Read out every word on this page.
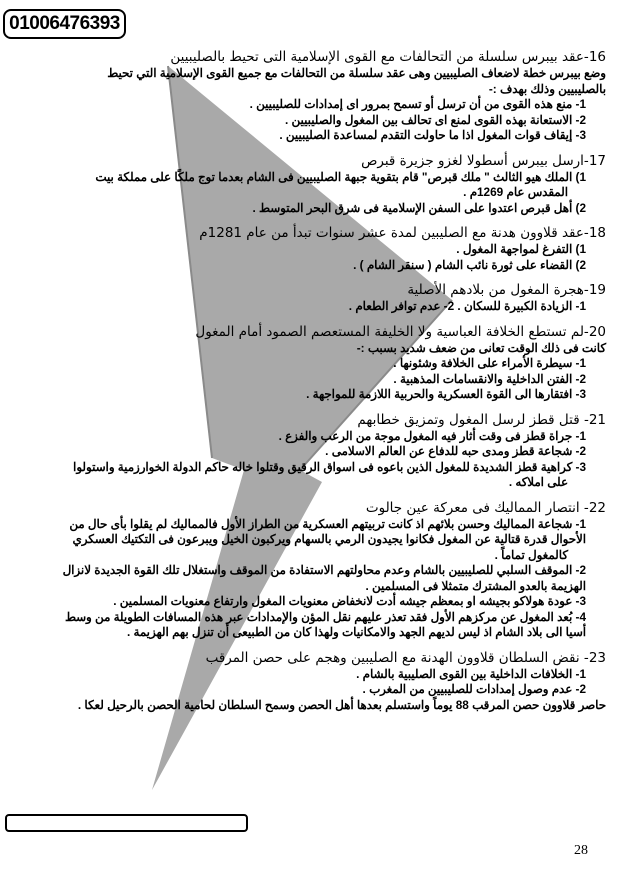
01006476393
16-عقد بيبرس سلسلة من التحالفات مع القوى الإسلامية التى تحيط بالصليبيين
وضع بيبرس خطة لاضعاف الصليبيين وهى عقد سلسلة من التحالفات مع جميع القوى الإسلامية التي تحيط
بالصليبيين وذلك بهدف :-
1- منع هذه القوى من أن ترسل أو تسمح بمرور اى إمدادات للصليبيين .
2- الاستعانة بهذه القوى لمنع اى تحالف بين المغول والصليبيين .
3- إيقاف قوات المغول اذا ما حاولت التقدم لمساعدة الصليبيين .
17-ارسل بيبرس أسطولا لغزو جزيرة قبرص
1) الملك هيو الثالث " ملك قبرص" قام بتقوية جبهة الصليبيين فى الشام بعدما توج ملكًا على مملكة بيت
المقدس عام 1269م .
2) أهل قبرص اعتدوا على السفن الإسلامية فى شرق البحر المتوسط .
18-عقد قلاوون هدنة مع الصليبين لمدة عشر سنوات تبدأ من عام 1281م
1) التفرغ لمواجهة المغول .
2) القضاء على ثورة نائب الشام ( سنقر الشام ) .
19-هجرة المغول من بلادهم الأصلية
1- الزيادة الكبيرة للسكان . 2- عدم توافر الطعام .
20-لم تستطع الخلافة العباسية ولا الخليفة المستعصم الصمود أمام المغول
كانت فى ذلك الوقت تعانى من ضعف شديد بسبب :-
1- سيطرة الأمراء على الخلافة وشئونها .
2- الفتن الداخلية والانقسامات المذهبية .
3- افتقارها الى القوة العسكرية والحربية اللازمة للمواجهة .
21- قتل قطز لرسل المغول وتمزيق خطابهم
1- جراة قطز فى وقت أثار فيه المغول موجة من الرعب والفزع .
2- شجاعة قطز ومدى حبه للدفاع عن العالم الاسلامى .
3- كراهية قطز الشديدة للمغول الذين باعوه فى اسواق الرقيق وقتلوا خاله حاكم الدولة الخوارزمية واستولوا
على املاكه .
22- انتصار المماليك فى معركة عين جالوت
1- شجاعة المماليك وحسن بلائهم اذ كانت تربيتهم العسكرية من الطراز الأول فالمماليك لم يقلوا بأى حال من
الأحوال قدرة قتالية عن المغول فكانوا يجيدون الرمي بالسهام ويركبون الخيل ويبرعون فى التكتيك العسكري
كالمغول تماماً .
2- الموقف السلبي للصليبيين بالشام وعدم محاولتهم الاستفادة من الموقف واستغلال تلك القوة الجديدة لانزال
الهزيمة بالعدو المشترك متمثلا فى المسلمين .
3- عودة هولاكو بجيشه او بمعظم جيشه أدت لانخفاض معنويات المغول وارتفاع معنويات المسلمين .
4- بُعد المغول عن مركزهم الأول فقد تعذر عليهم نقل المؤن والإمدادات عبر هذه المسافات الطويلة من وسط
أسيا الى بلاد الشام اذ ليس لديهم الجهد والامكانيات ولهذا كان من الطبيعى أن تنزل بهم الهزيمة .
23- نقض السلطان قلاوون الهدنة مع الصليبين وهجم على حصن المرقب
1- الخلافات الداخلية بين القوى الصليبية بالشام .
2- عدم وصول إمدادات للصليبيين من المغرب .
حاصر قلاوون حصن المرقب 88 يوماً واستسلم بعدها أهل الحصن وسمح السلطان لحامية الحصن بالرحيل لعكا .
28
